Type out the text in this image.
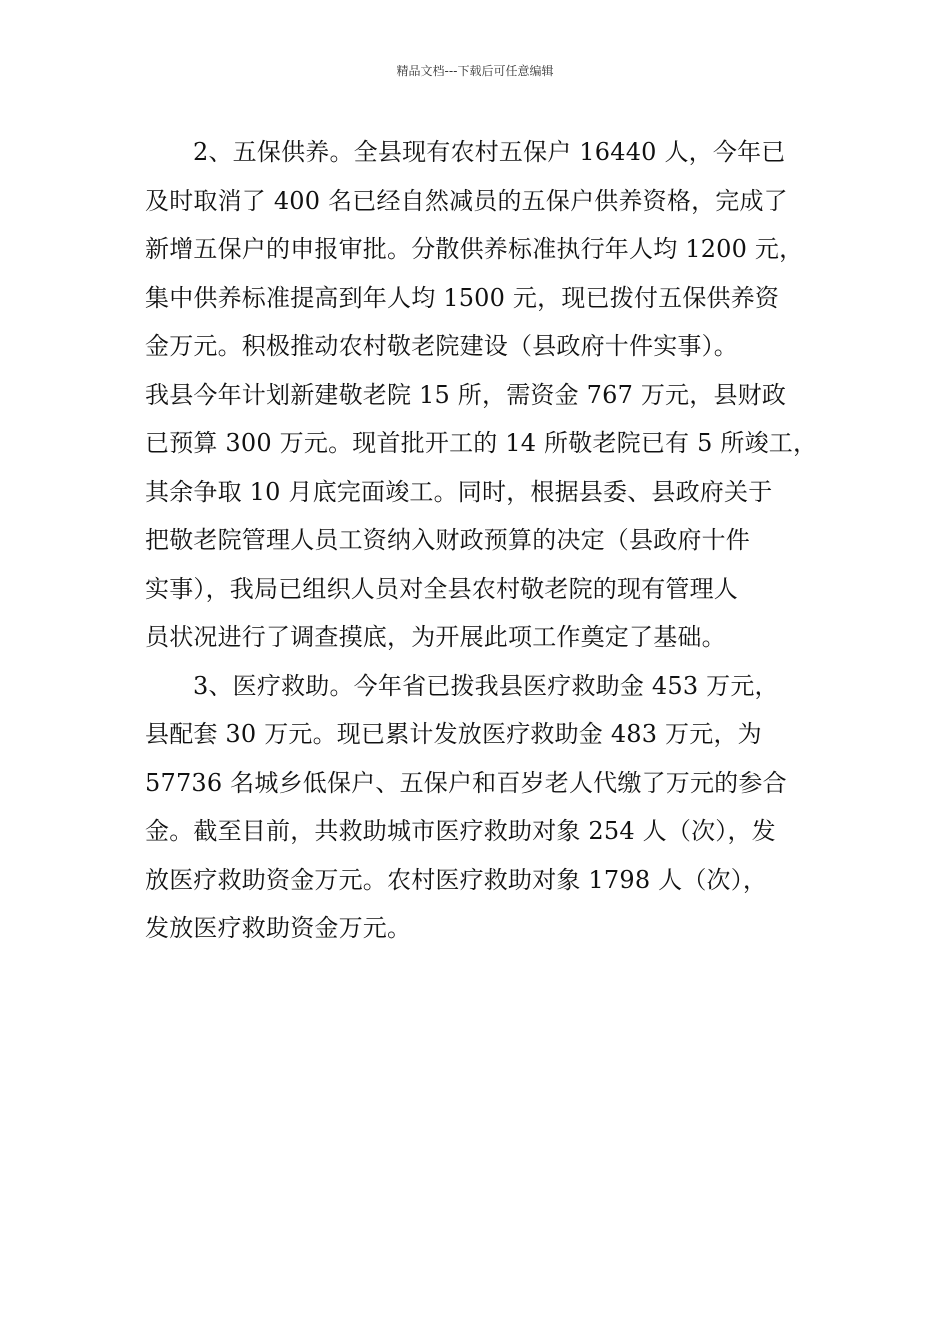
精品文档---下载后可任意编辑
2、五保供养。全县现有农村五保户 16440 人，今年已
及时取消了 400 名已经自然减员的五保户供养资格，完成了
新增五保户的申报审批。分散供养标准执行年人均 1200 元，
集中供养标准提高到年人均 1500 元，现已拨付五保供养资
金万元。积极推动农村敬老院建设（县政府十件实事）。
我县今年计划新建敬老院 15 所，需资金 767 万元，县财政
已预算 300 万元。现首批开工的 14 所敬老院已有 5 所竣工，
其余争取 10 月底完面竣工。同时，根据县委、县政府关于
把敬老院管理人员工资纳入财政预算的决定（县政府十件
实事），我局已组织人员对全县农村敬老院的现有管理人
员状况进行了调查摸底，为开展此项工作奠定了基础。
3、医疗救助。今年省已拨我县医疗救助金 453 万元，
县配套 30 万元。现已累计发放医疗救助金 483 万元，为
57736 名城乡低保户、五保户和百岁老人代缴了万元的参合
金。截至目前，共救助城市医疗救助对象 254 人（次），发
放医疗救助资金万元。农村医疗救助对象 1798 人（次），
发放医疗救助资金万元。
